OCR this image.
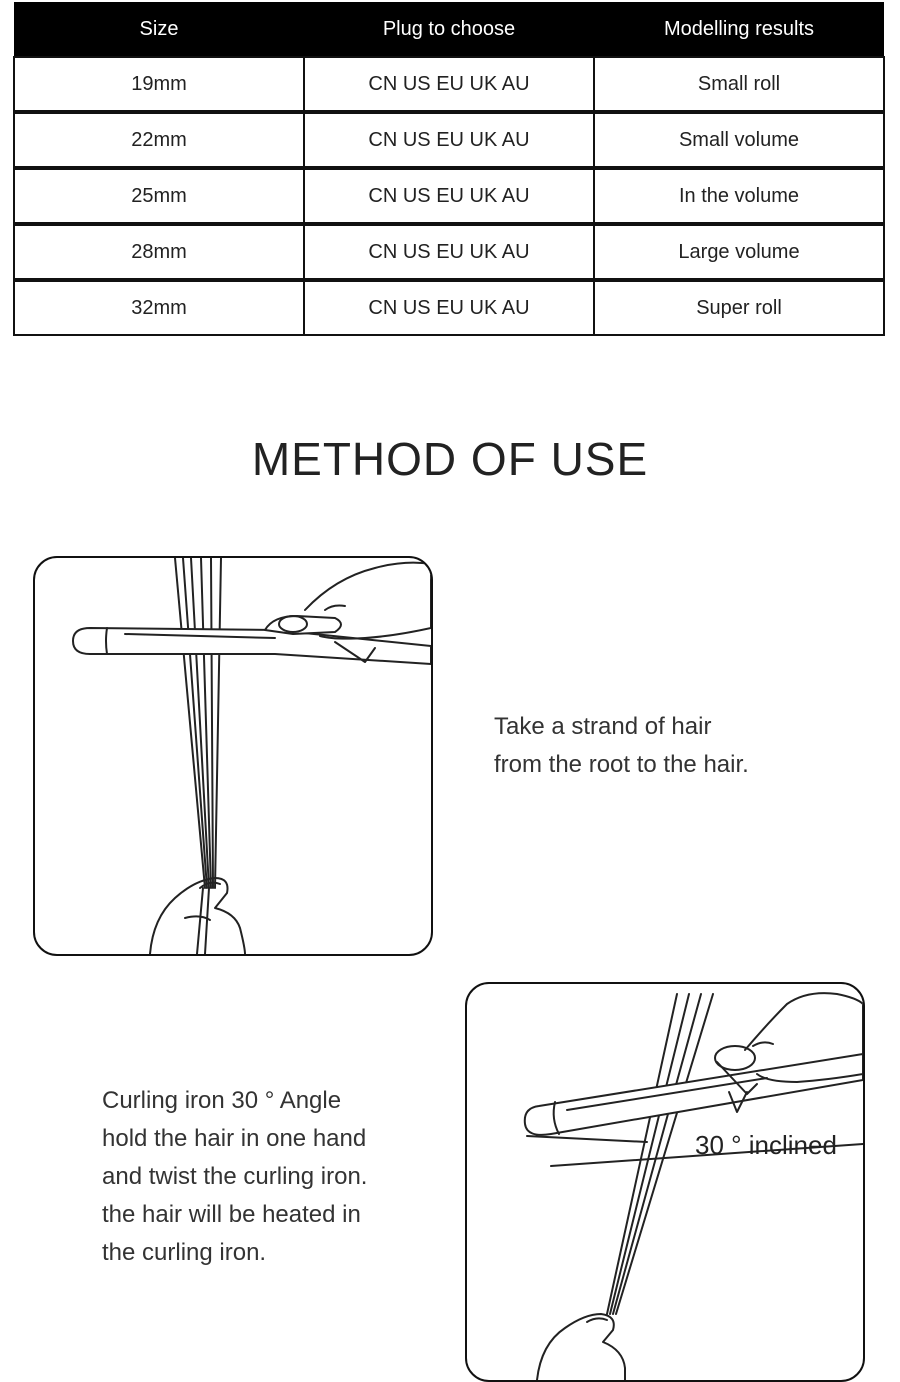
Size	Plug to choose	Modelling results
19mm	CN US EU UK AU	Small roll
22mm	CN US EU UK AU	Small volume
25mm	CN US EU UK AU	In the volume
28mm	CN US EU UK AU	Large volume
32mm	CN US EU UK AU	Super roll
METHOD OF USE
Take a strand of hair
from the root to the hair.
Curling iron 30 ° Angle
hold the hair in one hand
and twist the curling iron.
the hair will be heated in
the curling iron.
30 ° inclined
